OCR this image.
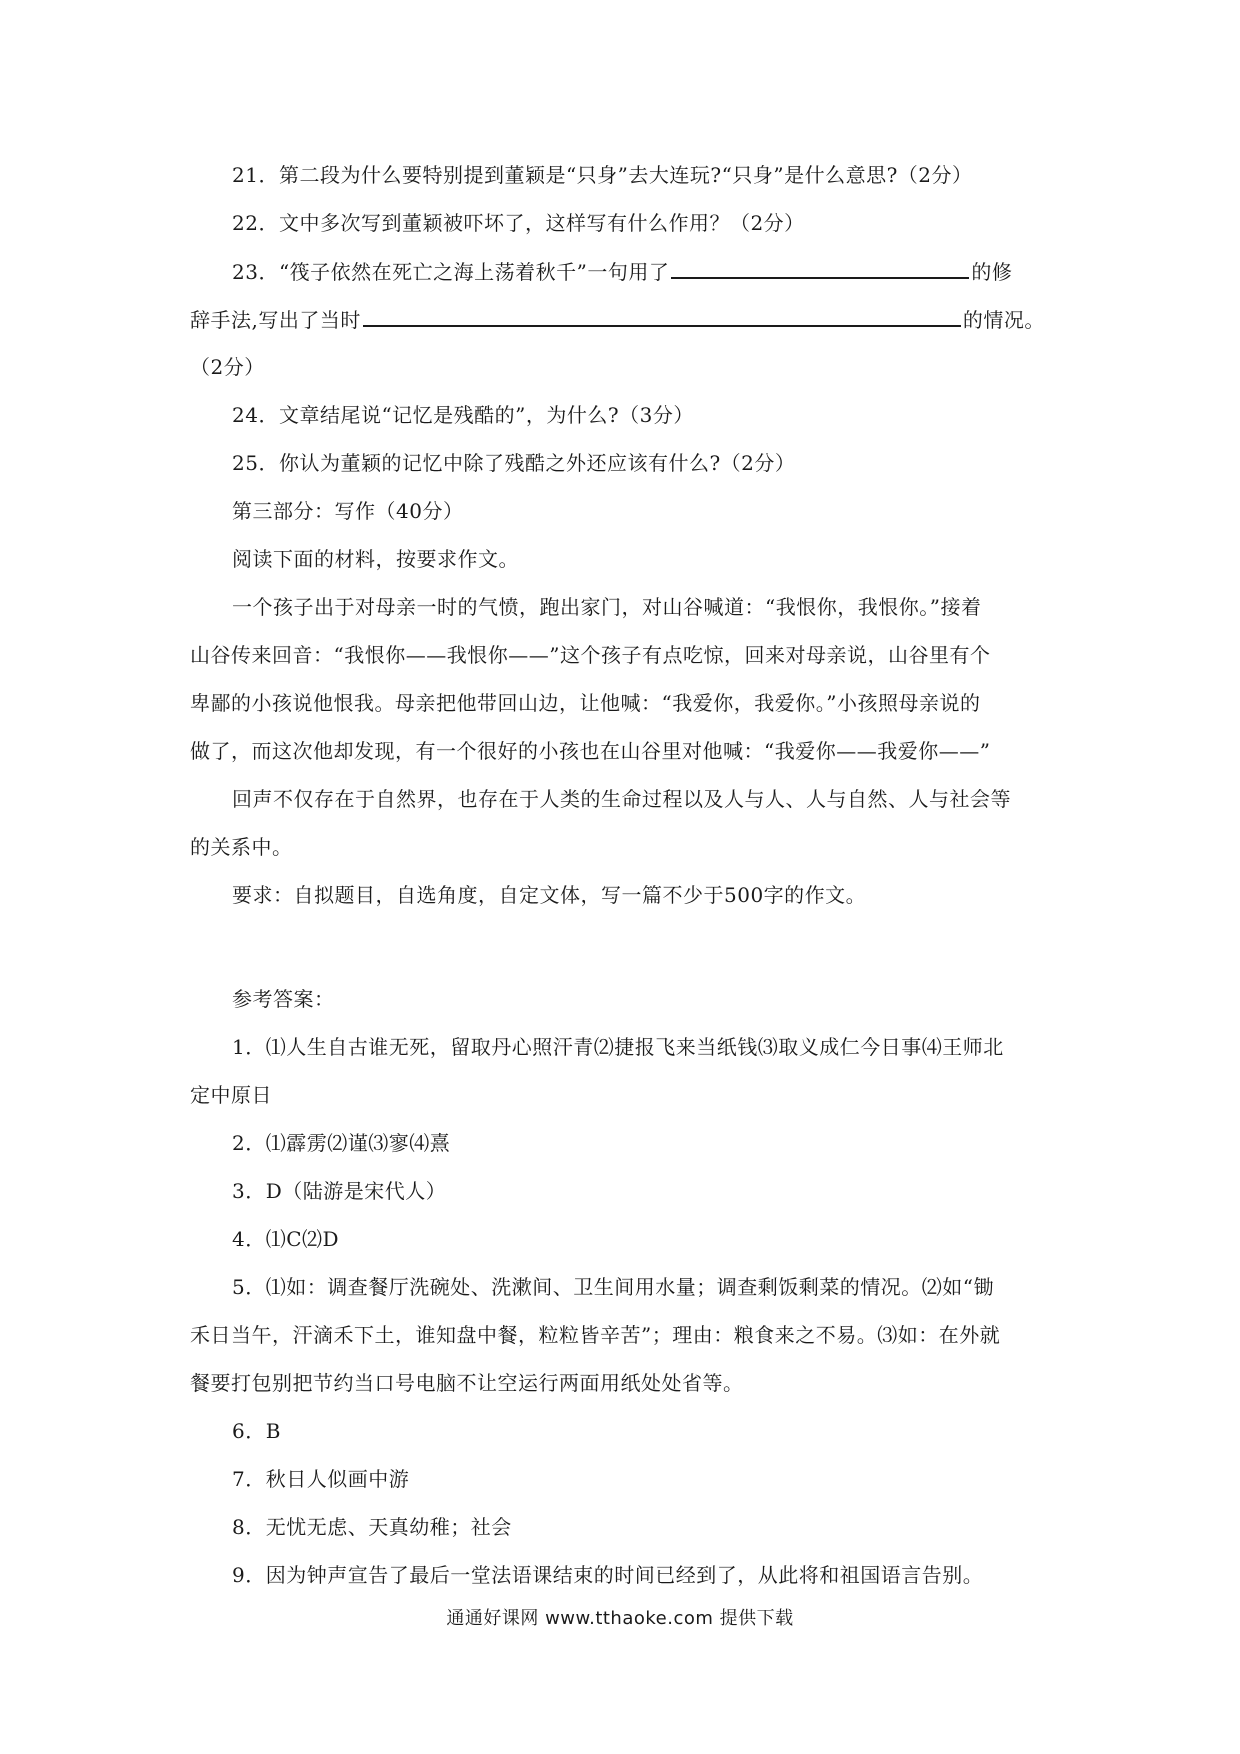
21．第二段为什么要特别提到董颖是“只身”去大连玩?“只身”是什么意思?（2分）
22．文中多次写到董颖被吓坏了，这样写有什么作用？（2分）
23．“筏子依然在死亡之海上荡着秋千”一句用了	的修
辞手法,写出了当时	的情况。
（2分）
24．文章结尾说“记忆是残酷的”，为什么?（3分）
25．你认为董颖的记忆中除了残酷之外还应该有什么?（2分）
第三部分：写作（40分）
阅读下面的材料，按要求作文。
一个孩子出于对母亲一时的气愤，跑出家门，对山谷喊道：“我恨你，我恨你。”接着
山谷传来回音：“我恨你——我恨你——”这个孩子有点吃惊，回来对母亲说，山谷里有个
卑鄙的小孩说他恨我。母亲把他带回山边，让他喊：“我爱你，我爱你。”小孩照母亲说的
做了，而这次他却发现，有一个很好的小孩也在山谷里对他喊：“我爱你——我爱你——”
回声不仅存在于自然界，也存在于人类的生命过程以及人与人、人与自然、人与社会等
的关系中。
要求：自拟题目，自选角度，自定文体，写一篇不少于500字的作文。
参考答案：
1．⑴人生自古谁无死，留取丹心照汗青⑵捷报飞来当纸钱⑶取义成仁今日事⑷王师北
定中原日
2．⑴霹雳⑵谨⑶寥⑷熹
3．D（陆游是宋代人）
4．⑴C⑵D
5．⑴如：调查餐厅洗碗处、洗漱间、卫生间用水量；调查剩饭剩菜的情况。⑵如“锄
禾日当午，汗滴禾下土，谁知盘中餐，粒粒皆辛苦”；理由：粮食来之不易。⑶如：在外就
餐要打包别把节约当口号电脑不让空运行两面用纸处处省等。
6．B
7．秋日人似画中游
8．无忧无虑、天真幼稚；社会
9．因为钟声宣告了最后一堂法语课结束的时间已经到了，从此将和祖国语言告别。
通通好课网 www.tthaoke.com 提供下载
